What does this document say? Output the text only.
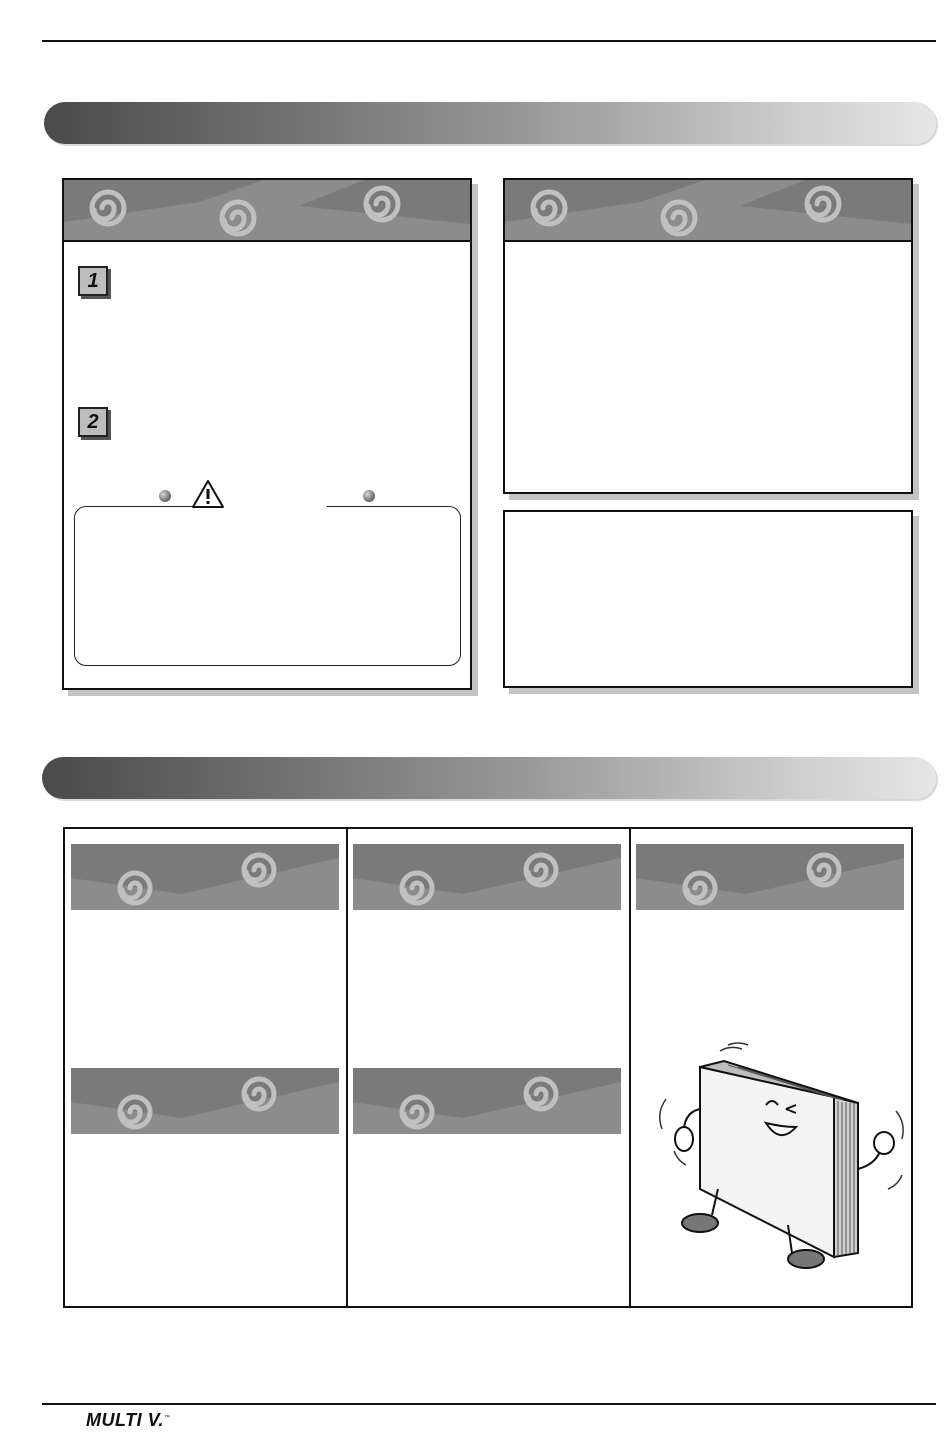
1
2
MULTI V.™
